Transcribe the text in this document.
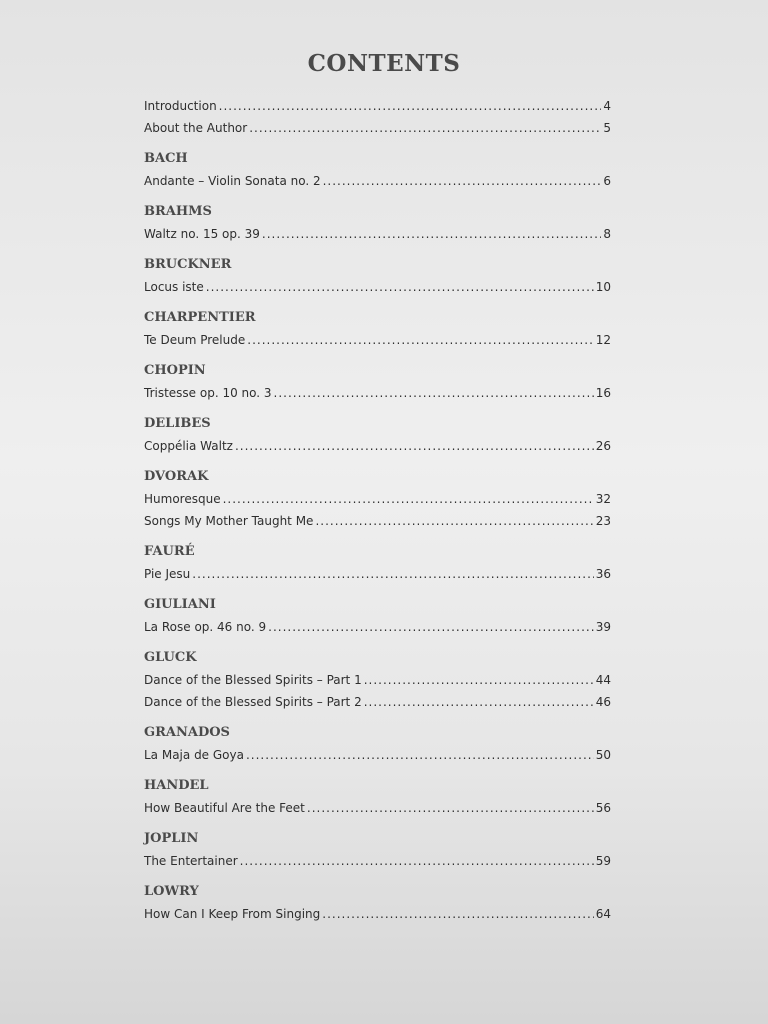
CONTENTS
Introduction .....	4
About the Author .....	5
BACH
Andante – Violin Sonata no. 2 .....	6
BRAHMS
Waltz no. 15 op. 39 .....	8
BRUCKNER
Locus iste .....	10
CHARPENTIER
Te Deum Prelude .....	12
CHOPIN
Tristesse op. 10 no. 3 .....	16
DELIBES
Coppélia Waltz .....	26
DVORAK
Humoresque .....	32
Songs My Mother Taught Me .....	23
FAURÉ
Pie Jesu .....	36
GIULIANI
La Rose op. 46 no. 9 .....	39
GLUCK
Dance of the Blessed Spirits – Part 1 .....	44
Dance of the Blessed Spirits – Part 2 .....	46
GRANADOS
La Maja de Goya .....	50
HANDEL
How Beautiful Are the Feet .....	56
JOPLIN
The Entertainer .....	59
LOWRY
How Can I Keep From Singing .....	64
